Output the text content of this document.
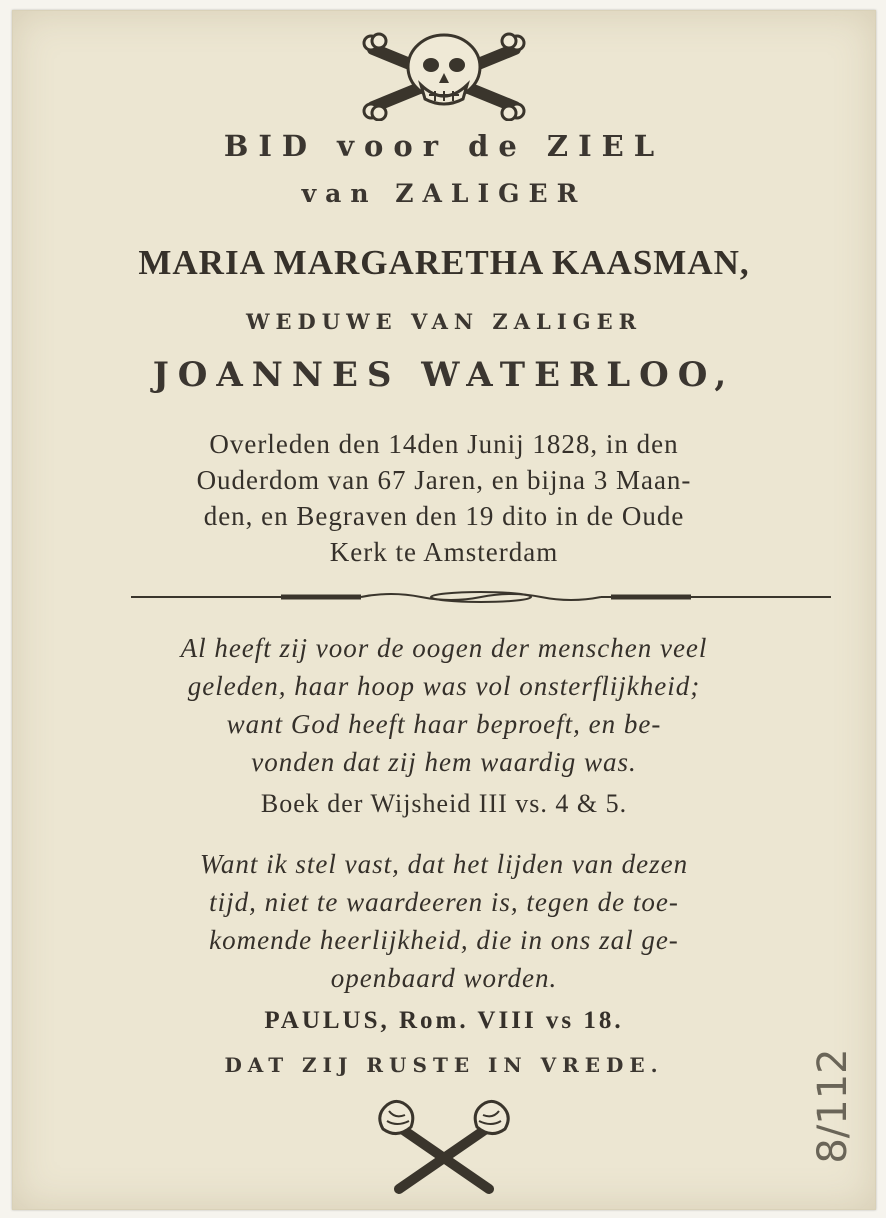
BID voor de ZIEL
van ZALIGER
MARIA MARGARETHA KAASMAN,
WEDUWE VAN ZALIGER
JOANNES WATERLOO,
Overleden den 14den Junij 1828, in den
Ouderdom van 67 Jaren, en bijna 3 Maan-
den, en Begraven den 19 dito in de Oude
Kerk te Amsterdam
Al heeft zij voor de oogen der menschen veel
geleden, haar hoop was vol onsterflijkheid;
want God heeft haar beproeft, en be-
vonden dat zij hem waardig was.
Boek der Wijsheid III vs. 4 & 5.
Want ik stel vast, dat het lijden van dezen
tijd, niet te waardeeren is, tegen de toe-
komende heerlijkheid, die in ons zal ge-
openbaard worden.
PAULUS, Rom. VIII vs 18.
DAT ZIJ RUSTE IN VREDE.	8/112
